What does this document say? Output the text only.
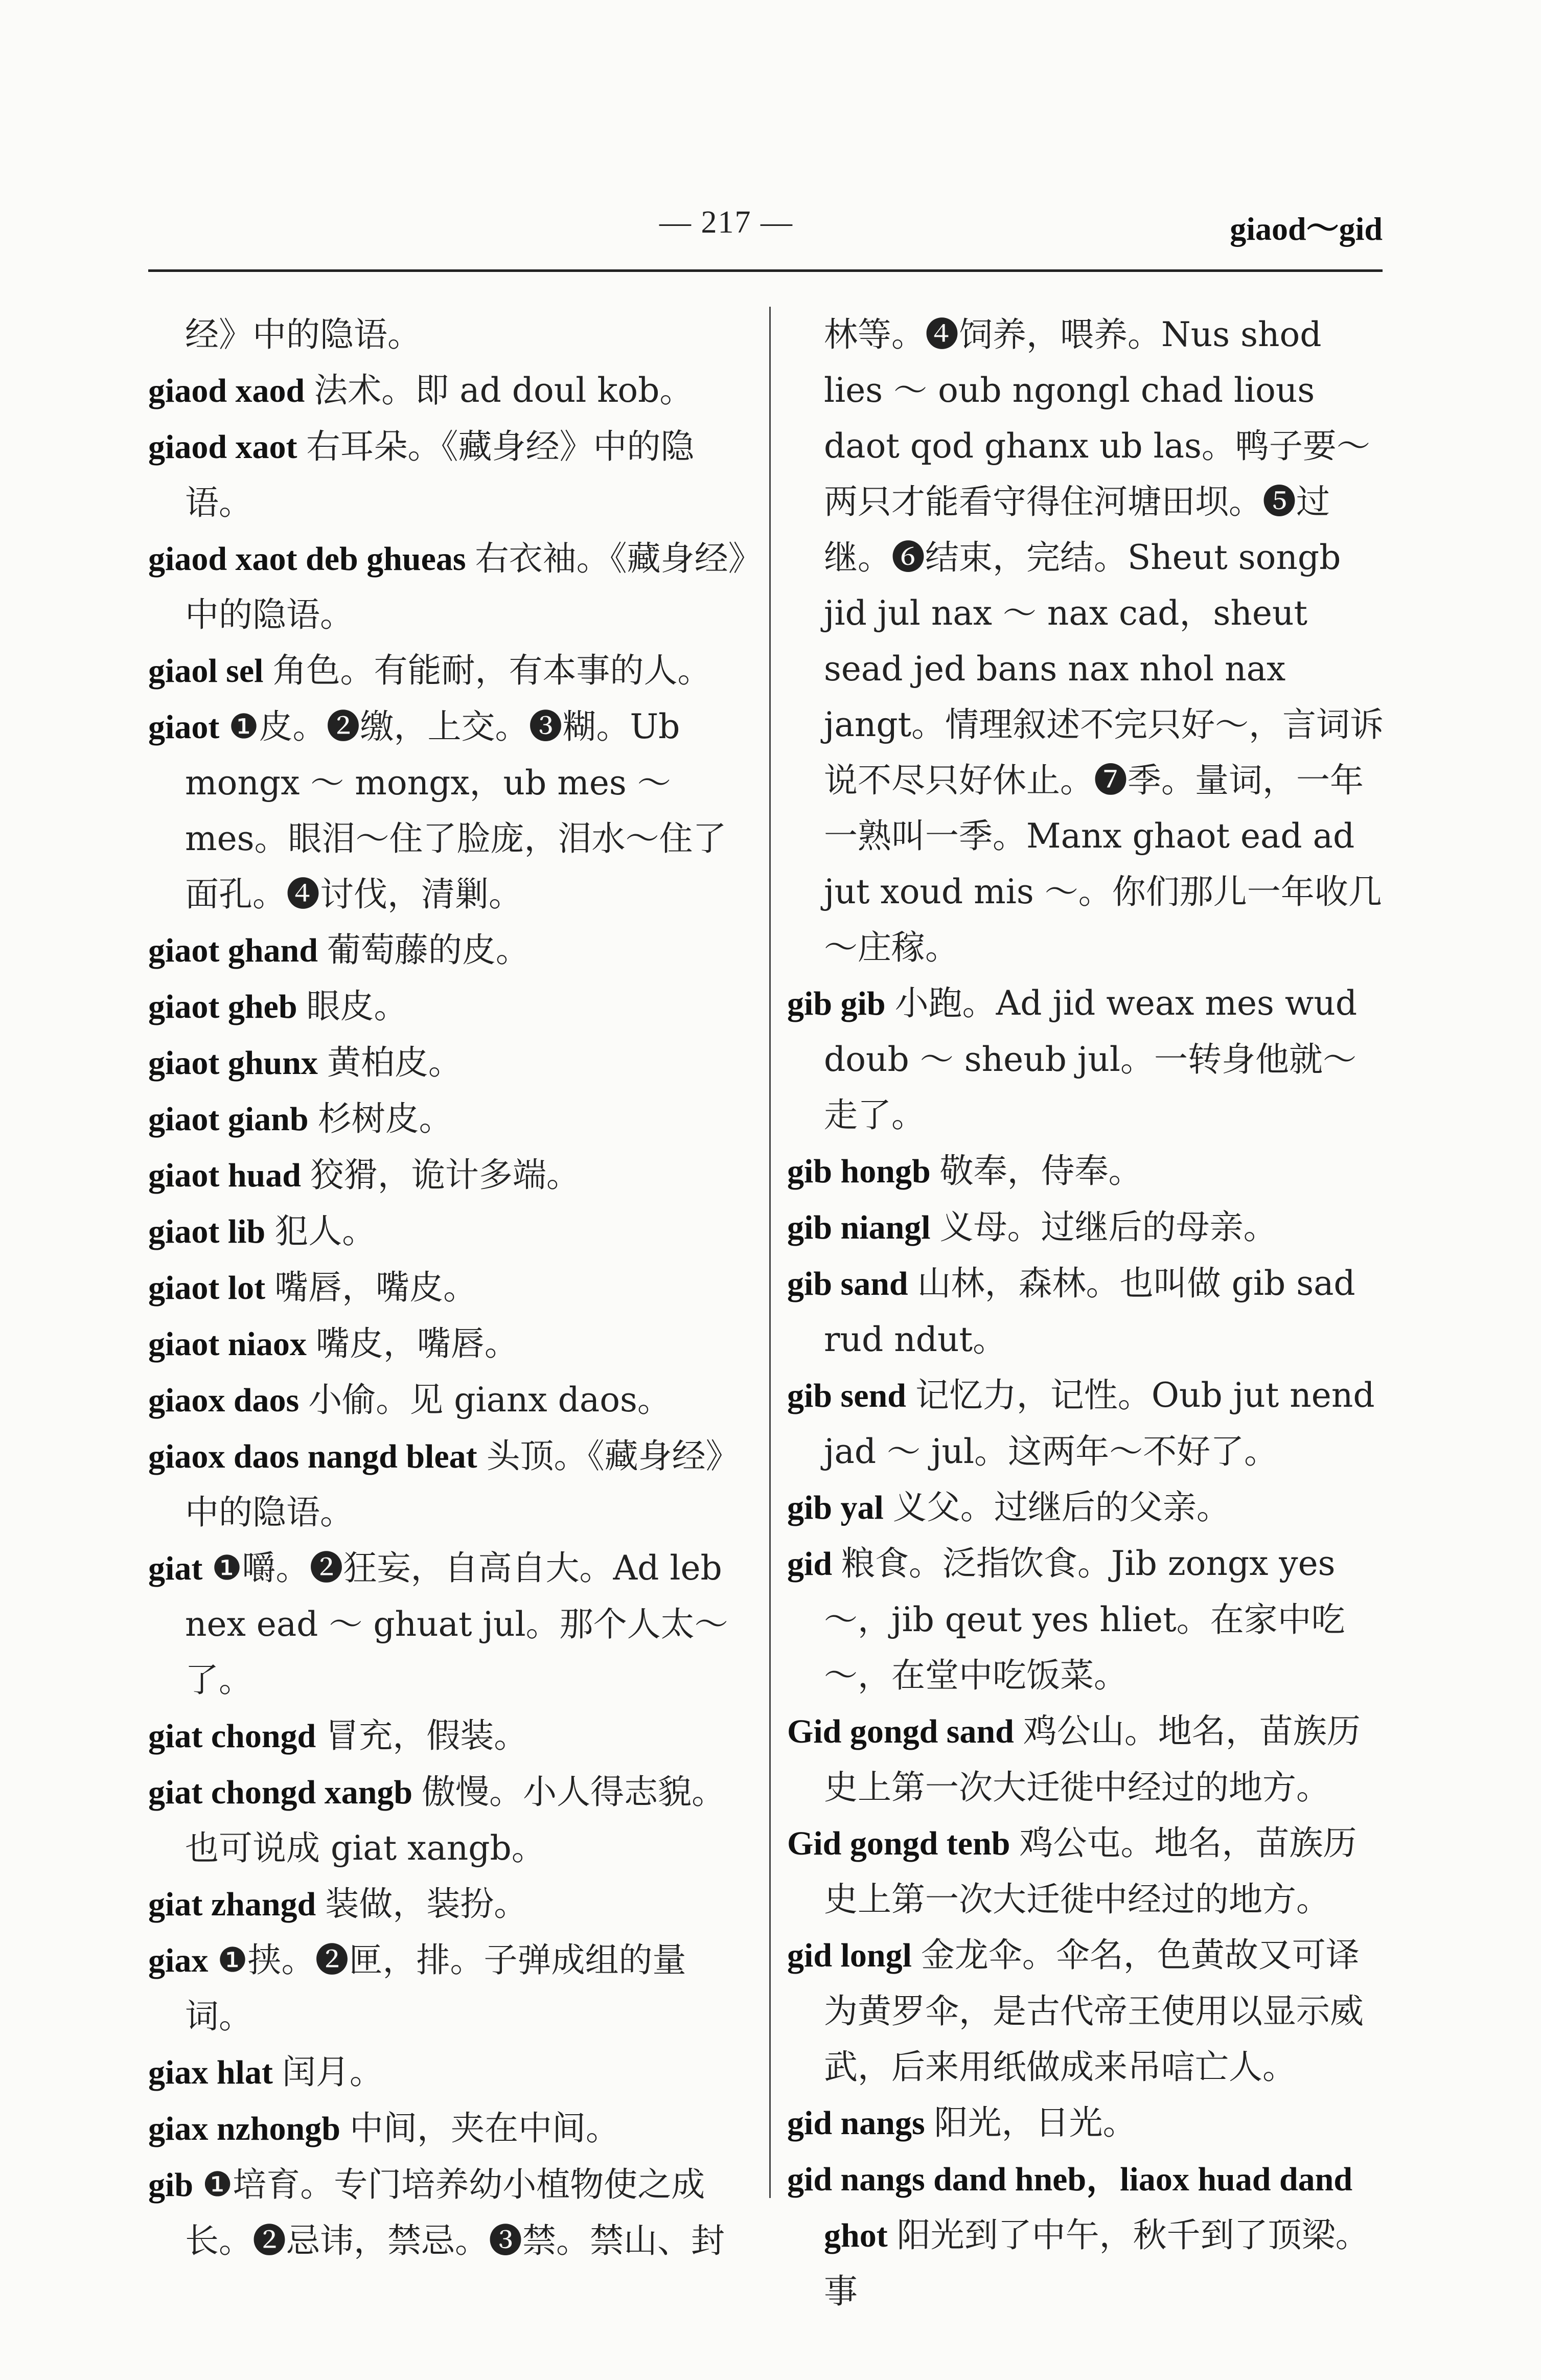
— 217 —	giaod～gid

经》中的隐语。

giaod xaod 法术。即 ad doul kob。

giaod xaot 右耳朵。《藏身经》中的隐语。

giaod xaot deb ghueas 右衣袖。《藏身经》中的隐语。

giaol sel 角色。有能耐，有本事的人。

giaot ❶皮。❷缴，上交。❸糊。Ub mongx ～ mongx，ub mes ～ mes。眼泪～住了脸庞，泪水～住了面孔。❹讨伐，清剿。

giaot ghand 葡萄藤的皮。

giaot gheb 眼皮。

giaot ghunx 黄柏皮。

giaot gianb 杉树皮。

giaot huad 狡猾，诡计多端。

giaot lib 犯人。

giaot lot 嘴唇，嘴皮。

giaot niaox 嘴皮，嘴唇。

giaox daos 小偷。见 gianx daos。

giaox daos nangd bleat 头顶。《藏身经》中的隐语。

giat ❶嚼。❷狂妄，自高自大。Ad leb nex ead ～ ghuat jul。那个人太～了。

giat chongd 冒充，假装。

giat chongd xangb 傲慢。小人得志貌。也可说成 giat xangb。

giat zhangd 装做，装扮。

giax ❶挟。❷匣，排。子弹成组的量词。

giax hlat 闰月。

giax nzhongb 中间，夹在中间。

gib ❶培育。专门培养幼小植物使之成长。❷忌讳，禁忌。❸禁。禁山、封

林等。❹饲养，喂养。Nus shod lies ～ oub ngongl chad lious daot qod ghanx ub las。鸭子要～两只才能看守得住河塘田坝。❺过继。❻结束，完结。Sheut songb jid jul nax ～ nax cad，sheut sead jed bans nax nhol nax jangt。情理叙述不完只好～，言词诉说不尽只好休止。❼季。量词，一年一熟叫一季。Manx ghaot ead ad jut xoud mis ～。你们那儿一年收几～庄稼。

gib gib 小跑。Ad jid weax mes wud doub ～ sheub jul。一转身他就～走了。

gib hongb 敬奉，侍奉。

gib niangl 义母。过继后的母亲。

gib sand 山林，森林。也叫做 gib sad rud ndut。

gib send 记忆力，记性。Oub jut nend jad ～ jul。这两年～不好了。

gib yal 义父。过继后的父亲。

gid 粮食。泛指饮食。Jib zongx yes ～，jib qeut yes hliet。在家中吃～，在堂中吃饭菜。

Gid gongd sand 鸡公山。地名，苗族历史上第一次大迁徙中经过的地方。

Gid gongd tenb 鸡公屯。地名，苗族历史上第一次大迁徙中经过的地方。

gid longl 金龙伞。伞名，色黄故又可译为黄罗伞，是古代帝王使用以显示威武，后来用纸做成来吊唁亡人。

gid nangs 阳光，日光。

gid nangs dand hneb，liaox huad dand ghot 阳光到了中午，秋千到了顶梁。事
